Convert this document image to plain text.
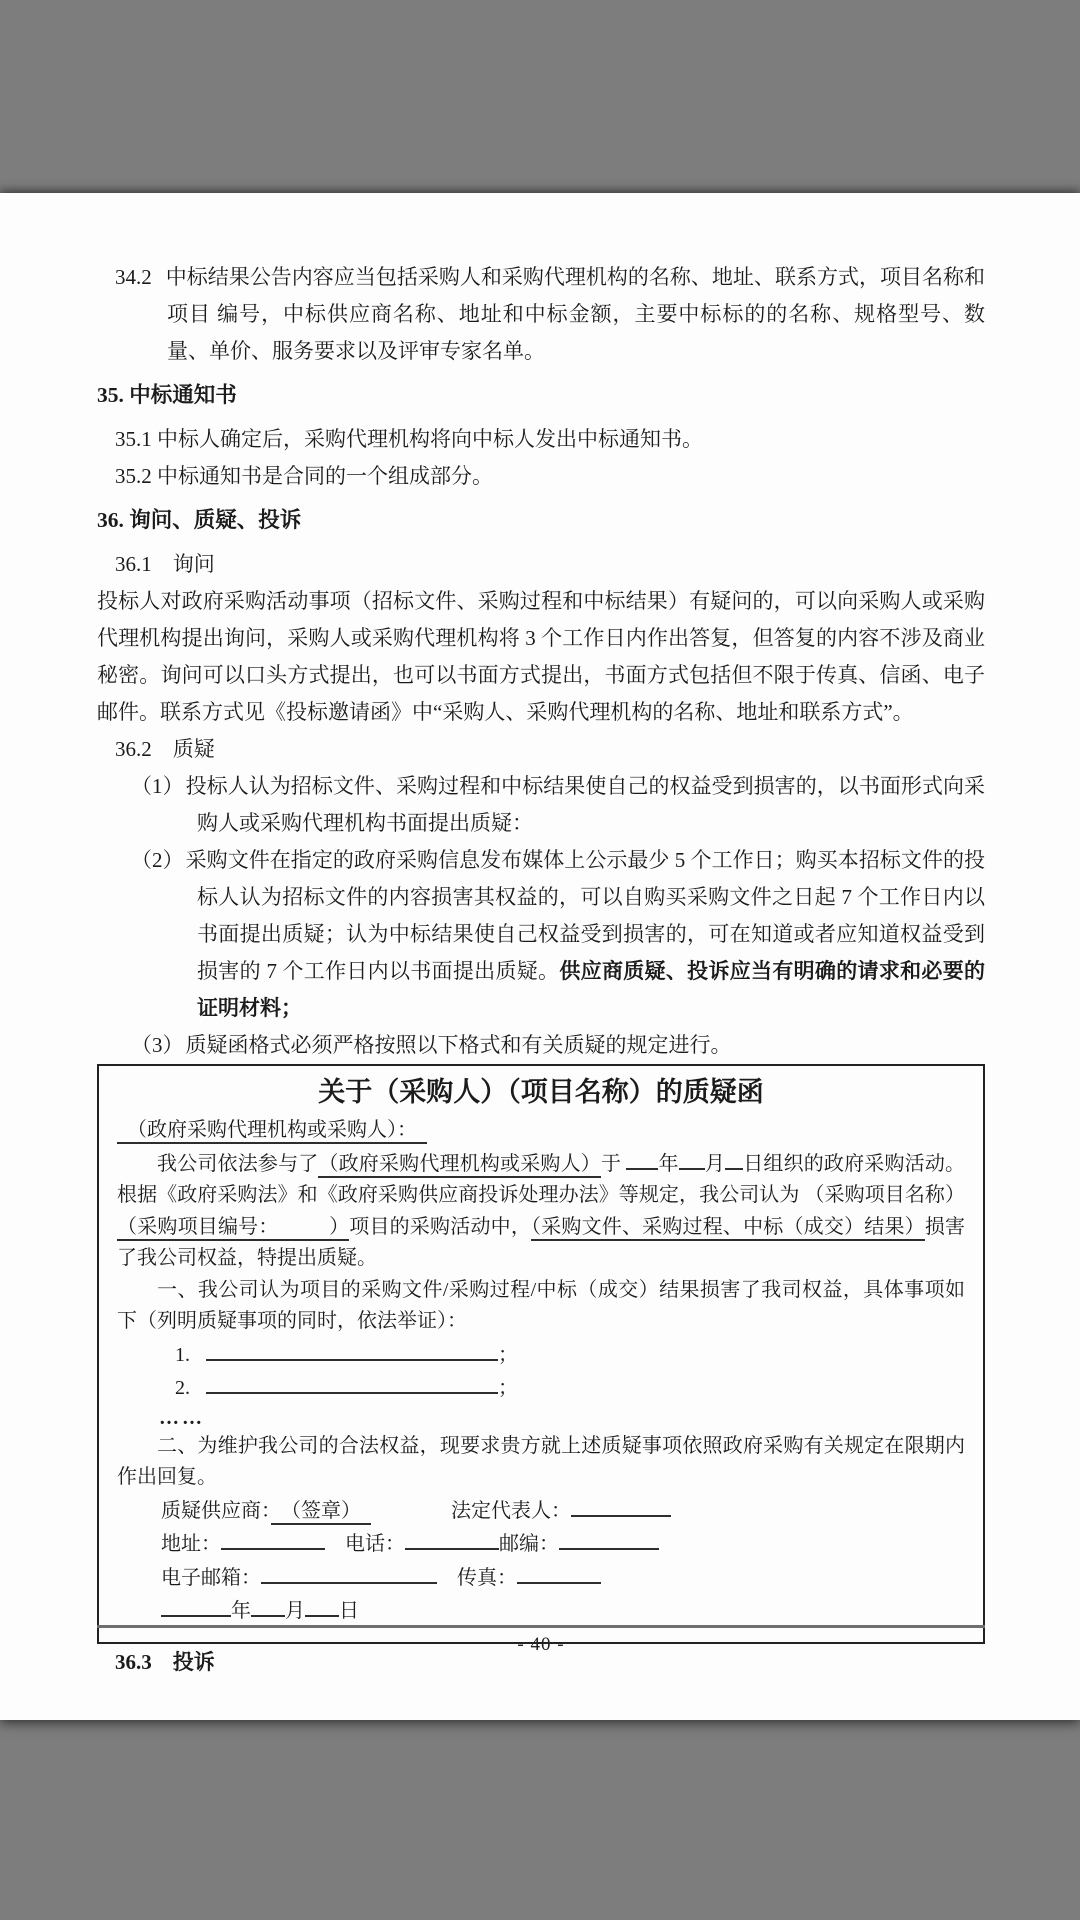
34.2 中标结果公告内容应当包括采购人和采购代理机构的名称、地址、联系方式，项目名称和项目 编号，中标供应商名称、地址和中标金额，主要中标标的的名称、规格型号、数量、单价、服务要求以及评审专家名单。
35. 中标通知书
35.1 中标人确定后，采购代理机构将向中标人发出中标通知书。
35.2 中标通知书是合同的一个组成部分。
36. 询问、质疑、投诉
36.1　询问
投标人对政府采购活动事项（招标文件、采购过程和中标结果）有疑问的，可以向采购人或采购代理机构提出询问，采购人或采购代理机构将 3 个工作日内作出答复，但答复的内容不涉及商业秘密。询问可以口头方式提出，也可以书面方式提出，书面方式包括但不限于传真、信函、电子邮件。联系方式见《投标邀请函》中“采购人、采购代理机构的名称、地址和联系方式”。
36.2　质疑
（1）投标人认为招标文件、采购过程和中标结果使自己的权益受到损害的，以书面形式向采购人或采购代理机构书面提出质疑：
（2）采购文件在指定的政府采购信息发布媒体上公示最少 5 个工作日；购买本招标文件的投标人认为招标文件的内容损害其权益的，可以自购买采购文件之日起 7 个工作日内以书面提出质疑；认为中标结果使自己权益受到损害的，可在知道或者应知道权益受到损害的 7 个工作日内以书面提出质疑。供应商质疑、投诉应当有明确的请求和必要的证明材料；
（3）质疑函格式必须严格按照以下格式和有关质疑的规定进行。
关于（采购人）（项目名称）的质疑函
　（政府采购代理机构或采购人）：　
我公司依法参与了（政府采购代理机构或采购人）于 年 月 日组织的政府采购活动。根据《政府采购法》和《政府采购供应商投诉处理办法》等规定，我公司认为 （采购项目名称）（采购项目编号：　　　）项目的采购活动中，（采购文件、采购过程、中标（成交）结果）损害了我公司权益，特提出质疑。
一、我公司认为项目的采购文件/采购过程/中标（成交）结果损害了我司权益，具体事项如下（列明质疑事项的同时，依法举证）：
1.	；
2.	；
……
二、为维护我公司的合法权益，现要求贵方就上述质疑事项依照政府采购有关规定在限期内作出回复。
质疑供应商：　（签章）　　　　　	法定代表人：
地址：	　电话：	邮编：
电子邮箱：	　传真：
年 月 日
36.3　投诉
- 40 -
